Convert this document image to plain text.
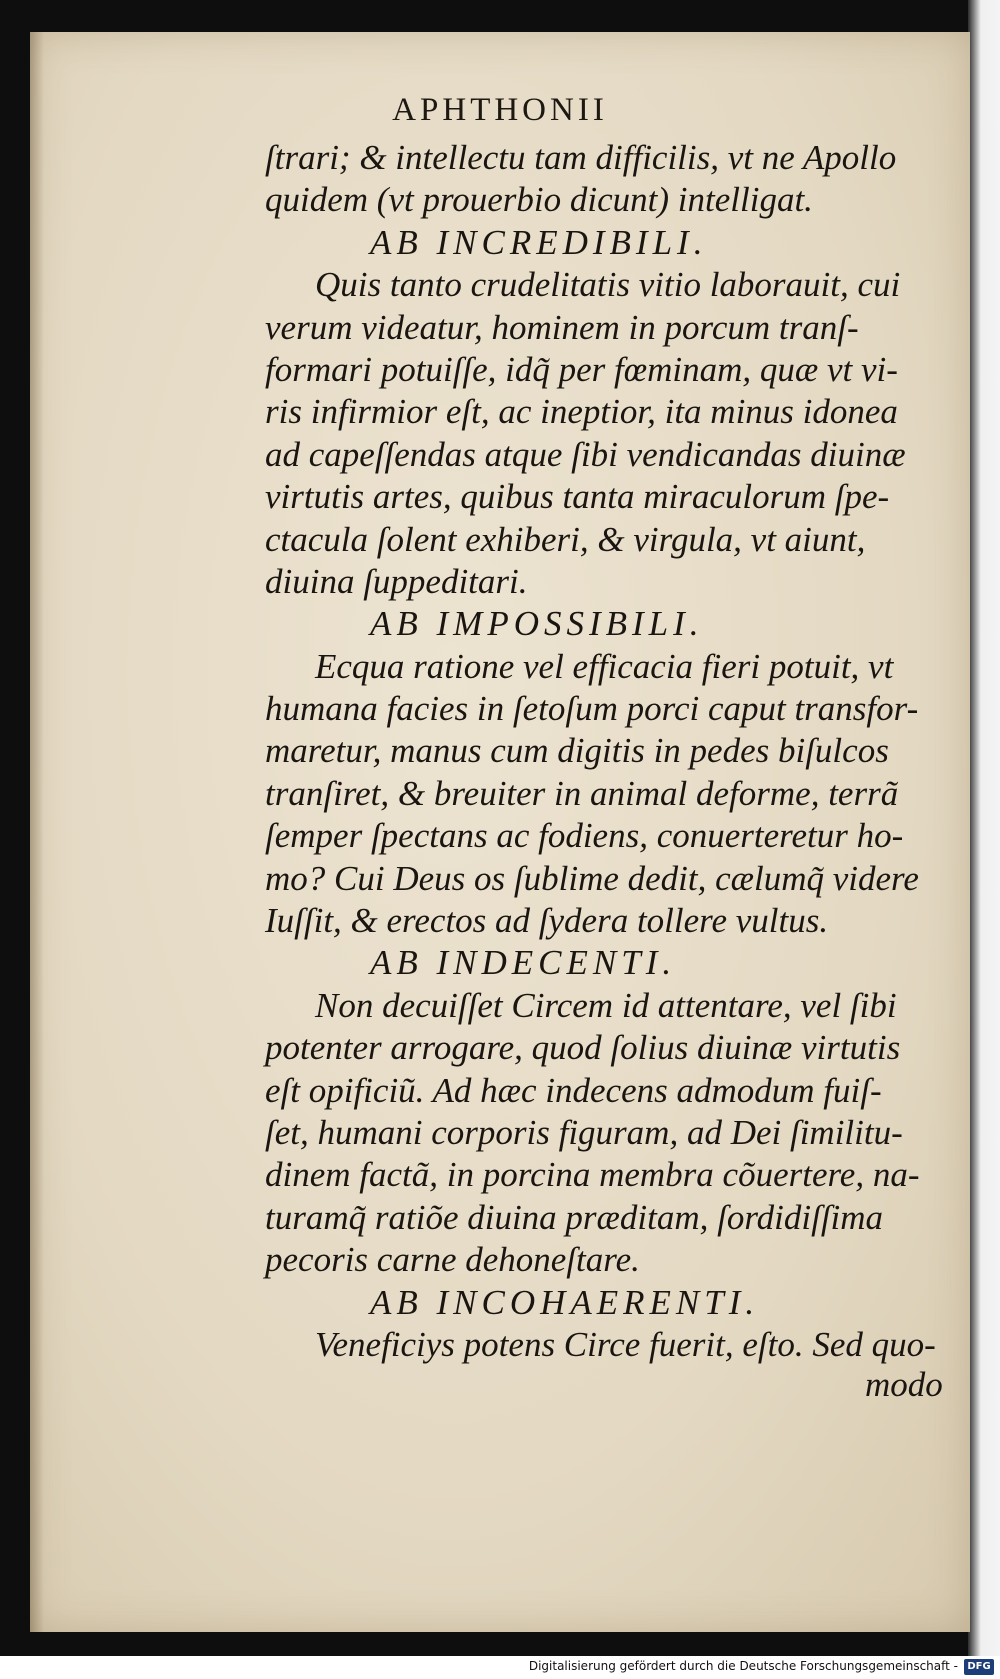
APHTHONII
ſtrari; & intellectu tam difficilis, vt ne Apollo
quidem (vt prouerbio dicunt) intelligat.
AB INCREDIBILI.
Quis tanto crudelitatis vitio laborauit, cui
verum videatur, hominem in porcum tranſ-
formari potuiſſe, idq̃ per fœminam, quæ vt vi-
ris infirmior eſt, ac ineptior, ita minus idonea
ad capeſſendas atque ſibi vendicandas diuinæ
virtutis artes, quibus tanta miraculorum ſpe-
ctacula ſolent exhiberi, & virgula, vt aiunt,
diuina ſuppeditari.
AB IMPOSSIBILI.
Ecqua ratione vel efficacia fieri potuit, vt
humana facies in ſetoſum porci caput transfor-
maretur, manus cum digitis in pedes biſulcos
tranſiret, & breuiter in animal deforme, terrã
ſemper ſpectans ac fodiens, conuerteretur ho-
mo? Cui Deus os ſublime dedit, cælumq̃ videre
Iuſſit, & erectos ad ſydera tollere vultus.
AB INDECENTI.
Non decuiſſet Circem id attentare, vel ſibi
potenter arrogare, quod ſolius diuinæ virtutis
eſt opificiũ. Ad hæc indecens admodum fuiſ-
ſet, humani corporis figuram, ad Dei ſimilitu-
dinem factã, in porcina membra cõuertere, na-
turamq̃ ratiõe diuina præditam, ſordidiſſima
pecoris carne dehoneſtare.
AB INCOHAERENTI.
Veneficiys potens Circe fuerit, eſto. Sed quo-
modo
Digitalisierung gefördert durch die Deutsche Forschungsgemeinschaft - DFG
